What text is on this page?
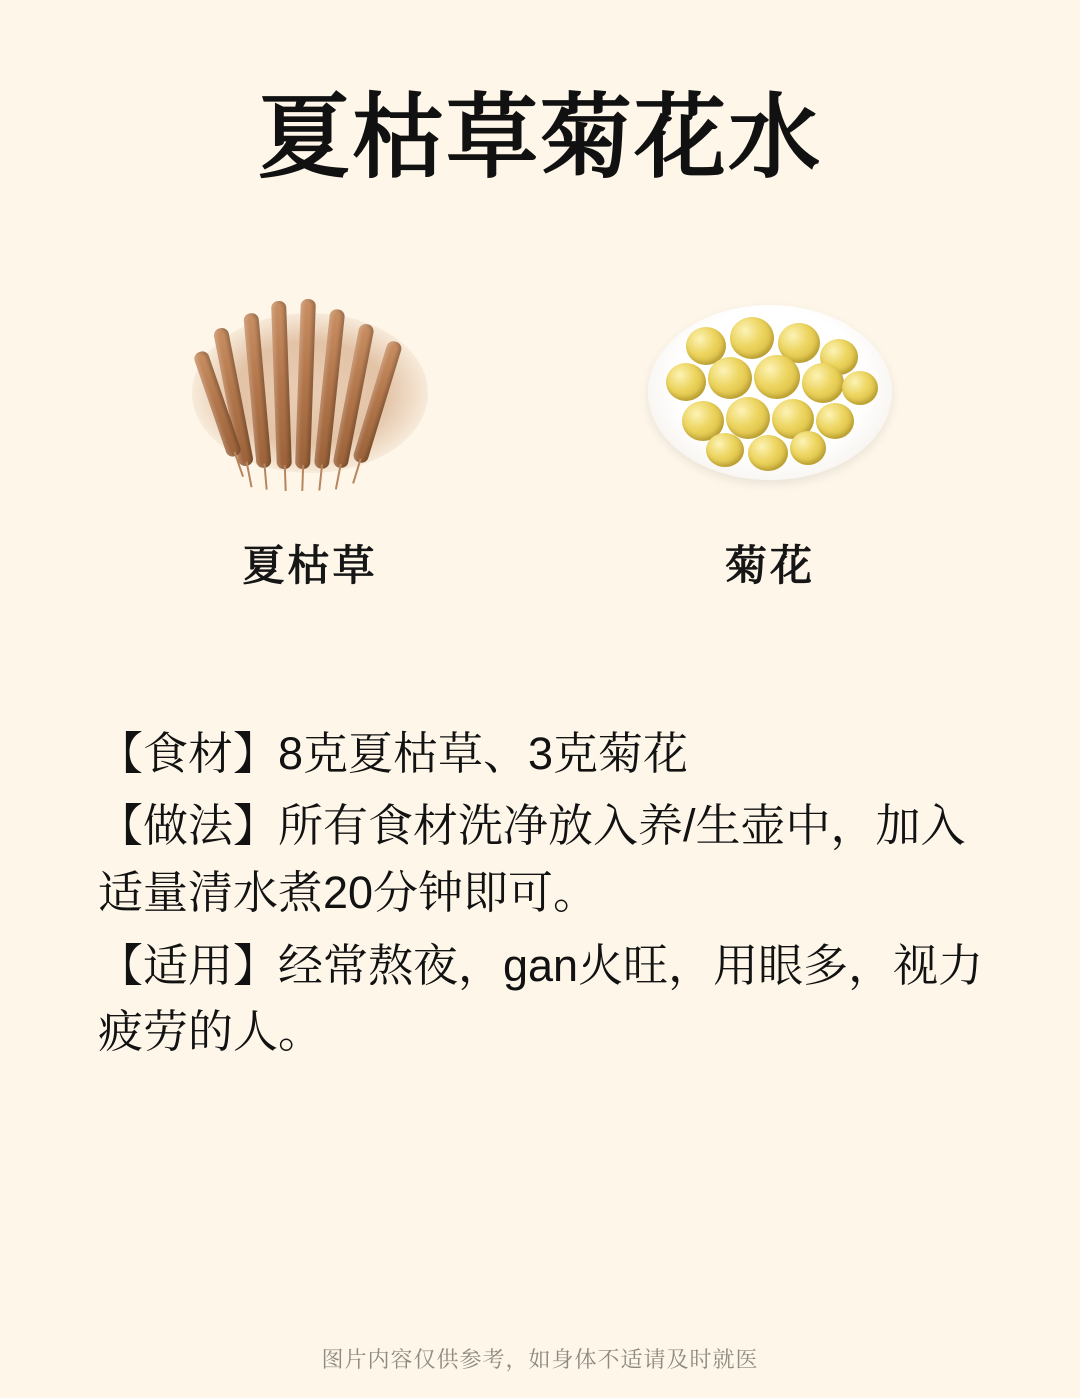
夏枯草菊花水
夏枯草	菊花

【食材】8克夏枯草、3克菊花

【做法】所有食材洗净放入养/生壶中，加入适量清水煮20分钟即可。

【适用】经常熬夜，gan火旺，用眼多，视力疲劳的人。

图片内容仅供参考，如身体不适请及时就医
